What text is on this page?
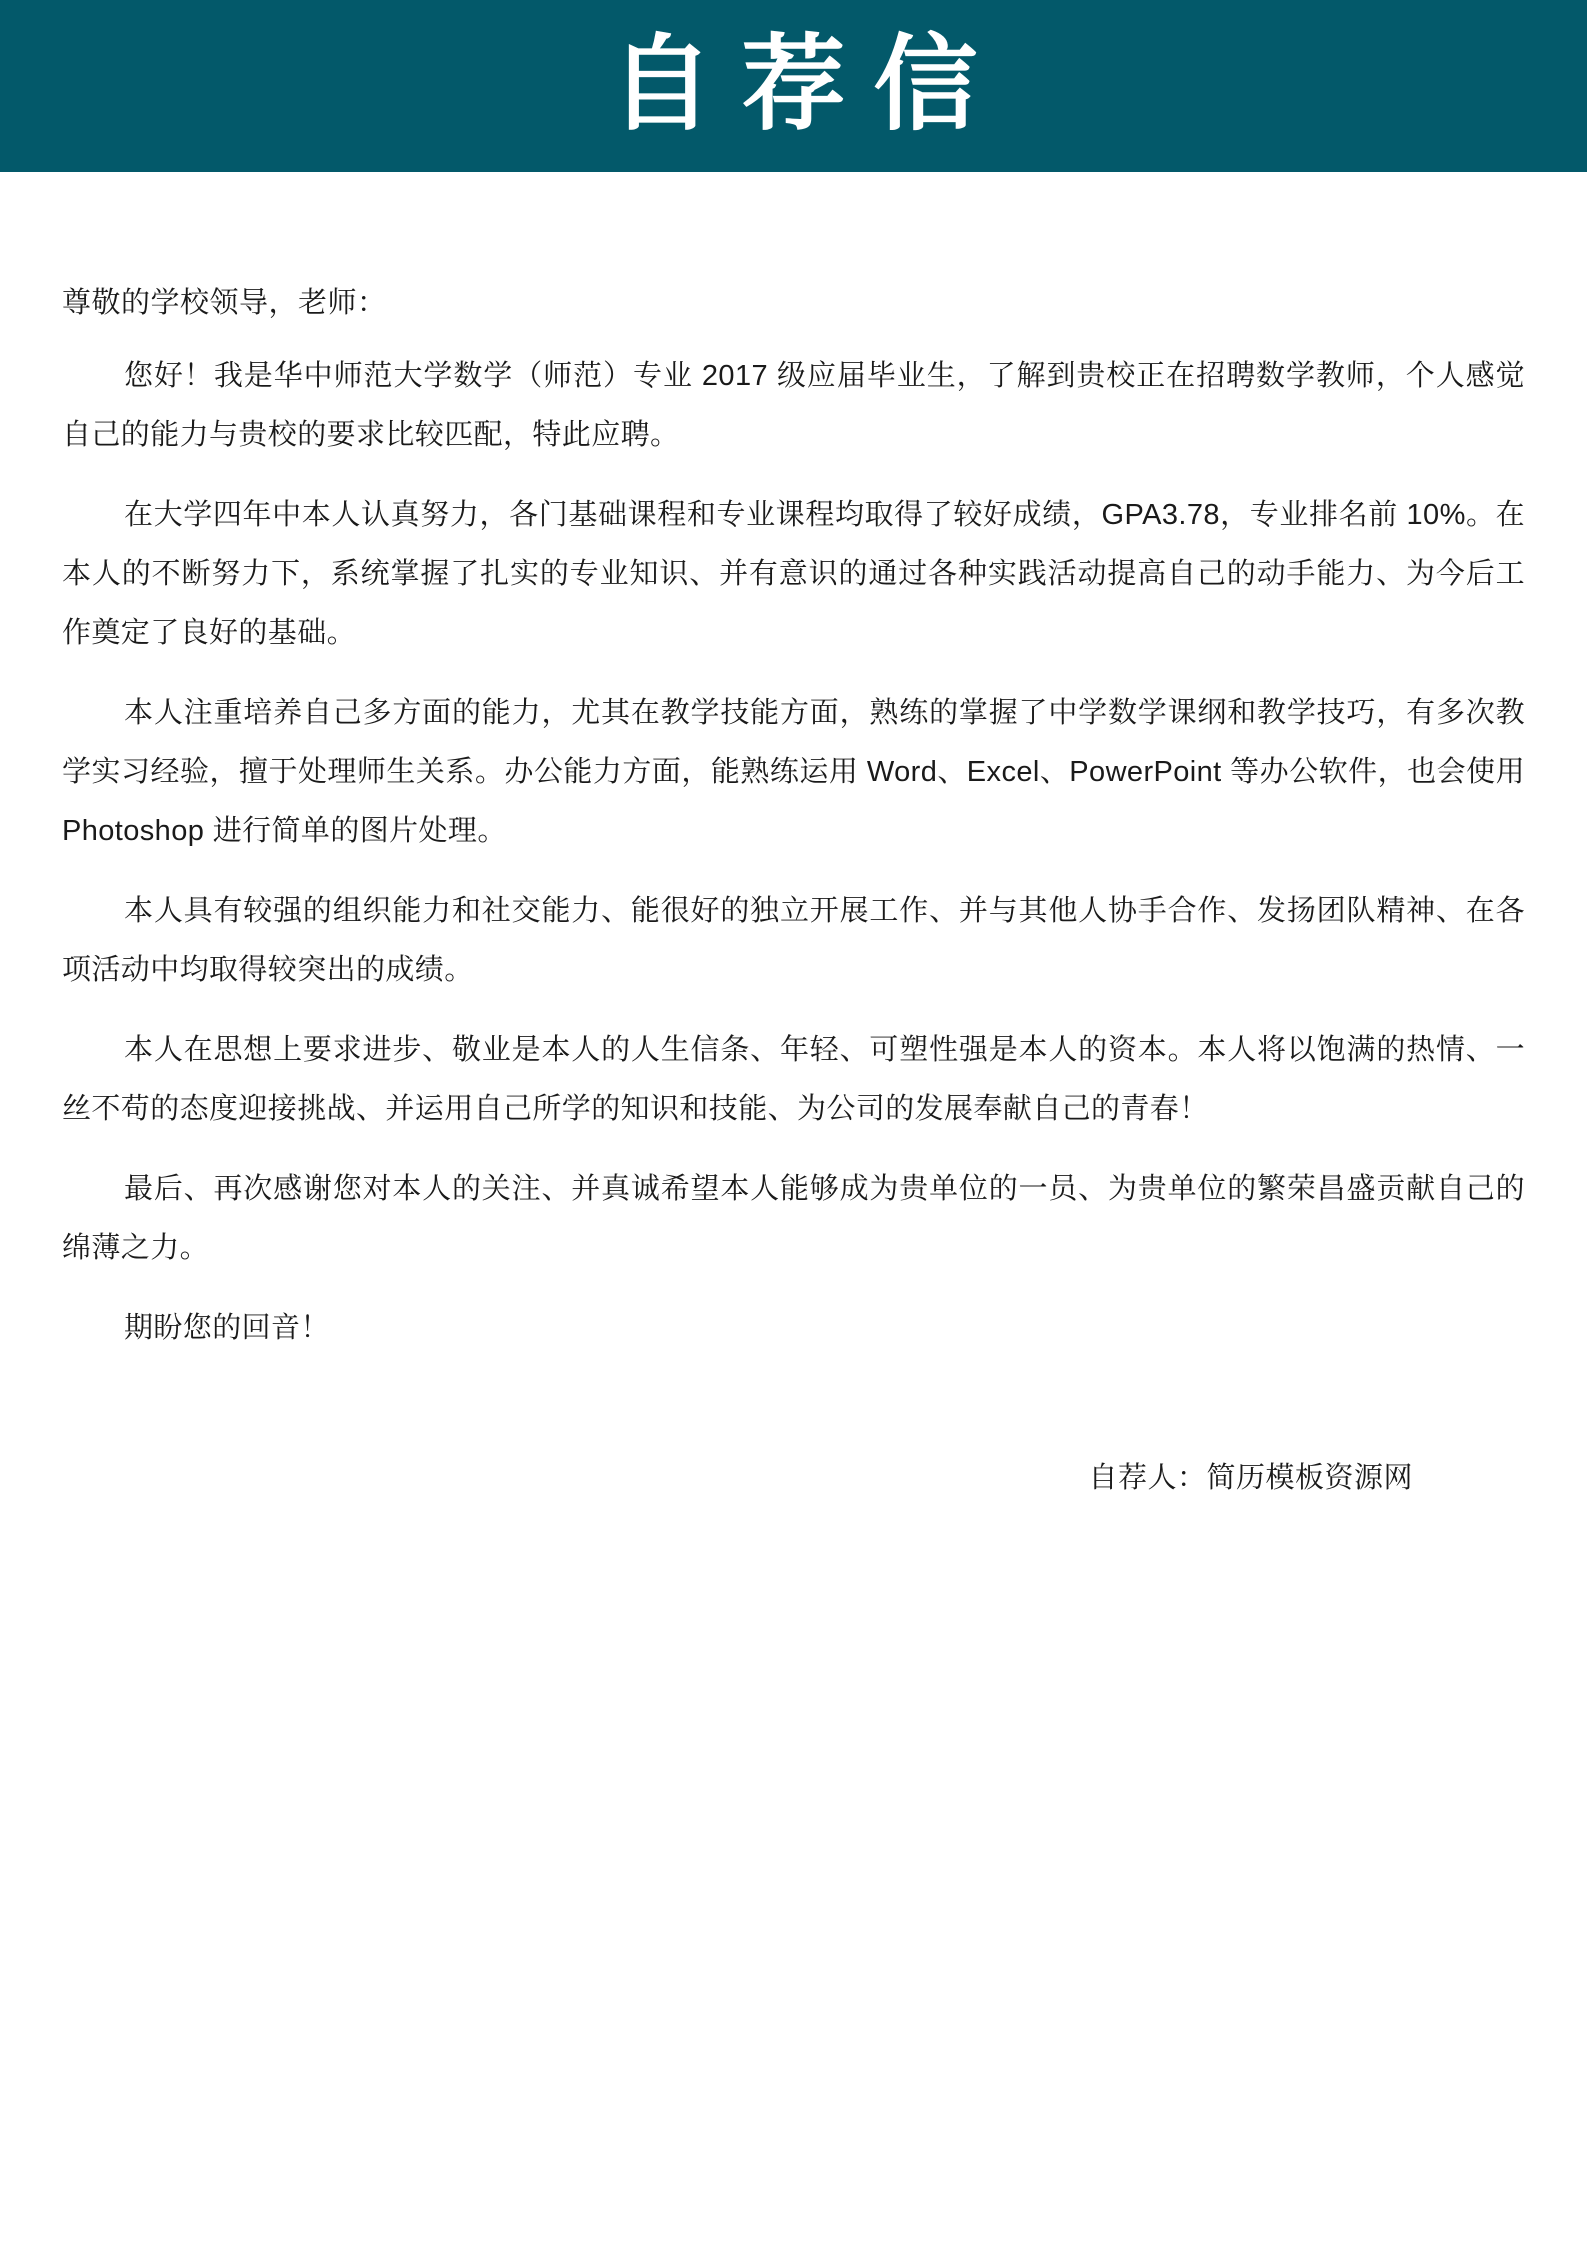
自荐信
尊敬的学校领导，老师：

您好！我是华中师范大学数学（师范）专业 2017 级应届毕业生，了解到贵校正在招聘数学教师，个人感觉自己的能力与贵校的要求比较匹配，特此应聘。

在大学四年中本人认真努力，各门基础课程和专业课程均取得了较好成绩，GPA3.78，专业排名前 10%。在本人的不断努力下，系统掌握了扎实的专业知识、并有意识的通过各种实践活动提高自己的动手能力、为今后工作奠定了良好的基础。

本人注重培养自己多方面的能力，尤其在教学技能方面，熟练的掌握了中学数学课纲和教学技巧，有多次教学实习经验，擅于处理师生关系。办公能力方面，能熟练运用 Word、Excel、PowerPoint 等办公软件，也会使用 Photoshop 进行简单的图片处理。

本人具有较强的组织能力和社交能力、能很好的独立开展工作、并与其他人协手合作、发扬团队精神、在各项活动中均取得较突出的成绩。

本人在思想上要求进步、敬业是本人的人生信条、年轻、可塑性强是本人的资本。本人将以饱满的热情、一丝不苟的态度迎接挑战、并运用自己所学的知识和技能、为公司的发展奉献自己的青春！

最后、再次感谢您对本人的关注、并真诚希望本人能够成为贵单位的一员、为贵单位的繁荣昌盛贡献自己的绵薄之力。

期盼您的回音！
自荐人：简历模板资源网
